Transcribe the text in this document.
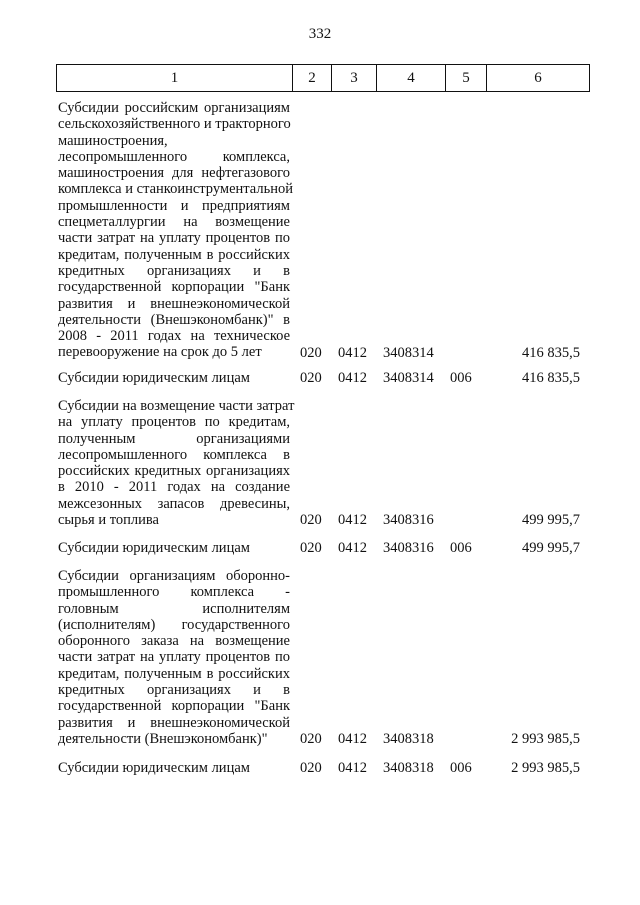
332
1	2	3	4	5	6
Субсидии российским организациям
сельскохозяйственного и тракторного
машиностроения,
лесопромышленного комплекса,
машиностроения для нефтегазового
комплекса и станкоинструментальной
промышленности и предприятиям
спецметаллургии на возмещение
части затрат на уплату процентов по
кредитам, полученным в российских
кредитных организациях и в
государственной корпорации "Банк
развития и внешнеэкономической
деятельности (Внешэкономбанк)" в
2008 - 2011 годах на техническое
перевооружение на срок до 5 лет	020 0412 3408314	416 835,5
Субсидии юридическим лицам	020 0412 3408314 006	416 835,5
Субсидии на возмещение части затрат
на уплату процентов по кредитам,
полученным организациями
лесопромышленного комплекса в
российских кредитных организациях
в 2010 - 2011 годах на создание
межсезонных запасов древесины,
сырья и топлива	020 0412 3408316	499 995,7
Субсидии юридическим лицам	020 0412 3408316 006	499 995,7
Субсидии организациям оборонно-
промышленного комплекса -
головным исполнителям
(исполнителям) государственного
оборонного заказа на возмещение
части затрат на уплату процентов по
кредитам, полученным в российских
кредитных организациях и в
государственной корпорации "Банк
развития и внешнеэкономической
деятельности (Внешэкономбанк)"	020 0412 3408318	2 993 985,5
Субсидии юридическим лицам	020 0412 3408318 006	2 993 985,5
